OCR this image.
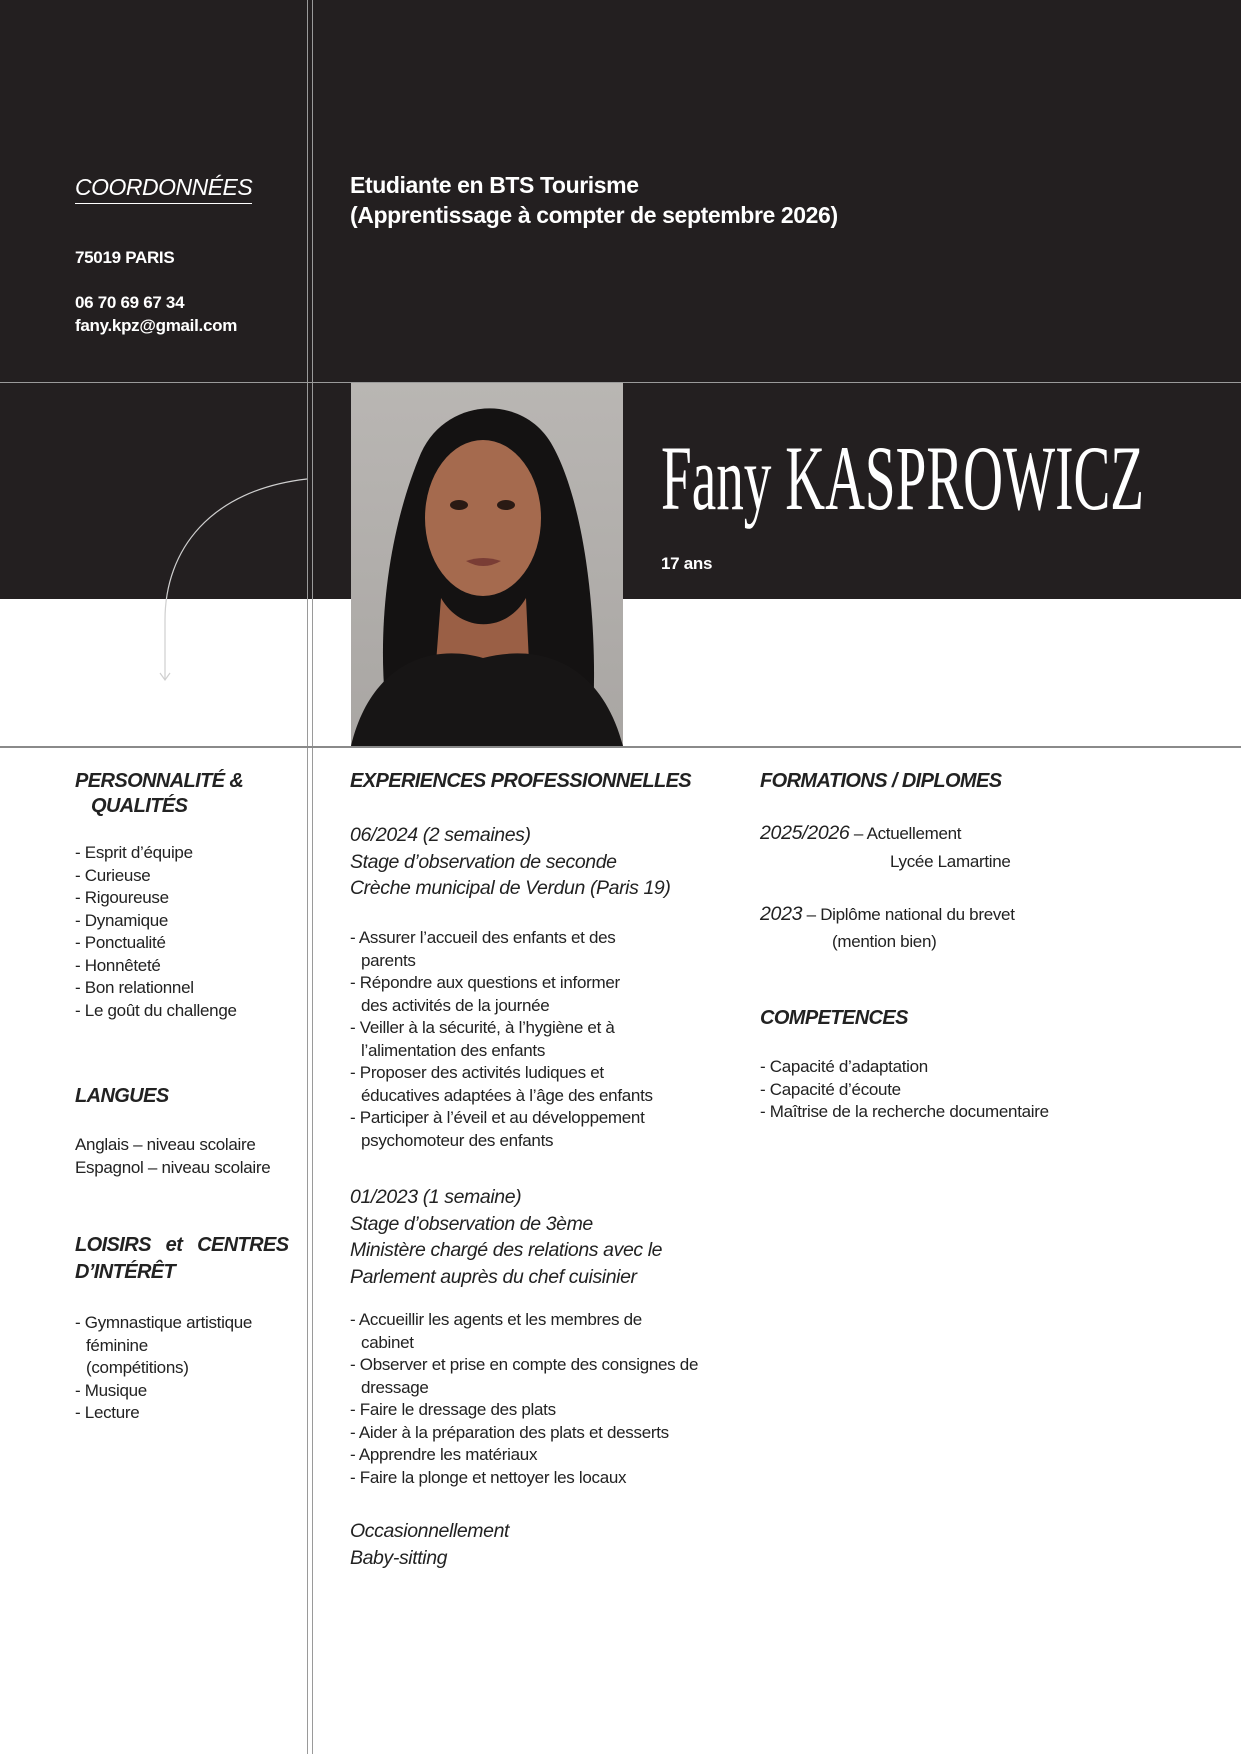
COORDONNÉES
75019 PARIS
06 70 69 67 34
fany.kpz@gmail.com
Etudiante en BTS Tourisme
(Apprentissage à compter de septembre 2026)
Fany KASPROWICZ
17 ans
PERSONNALITÉ &
QUALITÉS
- Esprit d’équipe
- Curieuse
- Rigoureuse
- Dynamique
- Ponctualité
- Honnêteté
- Bon relationnel
- Le goût du challenge
LANGUES
Anglais – niveau scolaire
Espagnol – niveau scolaire
LOISIRS   et   CENTRES
D’INTÉRÊT
- Gymnastique artistique
féminine
(compétitions)
- Musique
- Lecture
EXPERIENCES PROFESSIONNELLES
06/2024 (2 semaines)
Stage d’observation de seconde
Crèche municipal de Verdun (Paris 19)
- Assurer l’accueil des enfants et des
parents
- Répondre aux questions et informer
des activités de la journée
- Veiller à la sécurité, à l’hygiène et à
l’alimentation des enfants
- Proposer des activités ludiques et
éducatives adaptées à l’âge des enfants
- Participer à l’éveil et au développement
psychomoteur des enfants
01/2023 (1 semaine)
Stage d’observation de 3ème
Ministère chargé des relations avec le
Parlement auprès du chef cuisinier
- Accueillir les agents et les membres de
cabinet
- Observer et prise en compte des consignes de
dressage
- Faire le dressage des plats
- Aider à la préparation des plats et desserts
- Apprendre les matériaux
- Faire la plonge et nettoyer les locaux
Occasionnellement
Baby-sitting
FORMATIONS / DIPLOMES
2025/2026 – Actuellement
Lycée Lamartine
2023 – Diplôme national du brevet
(mention bien)
COMPETENCES
- Capacité d’adaptation
- Capacité d’écoute
- Maîtrise de la recherche documentaire
